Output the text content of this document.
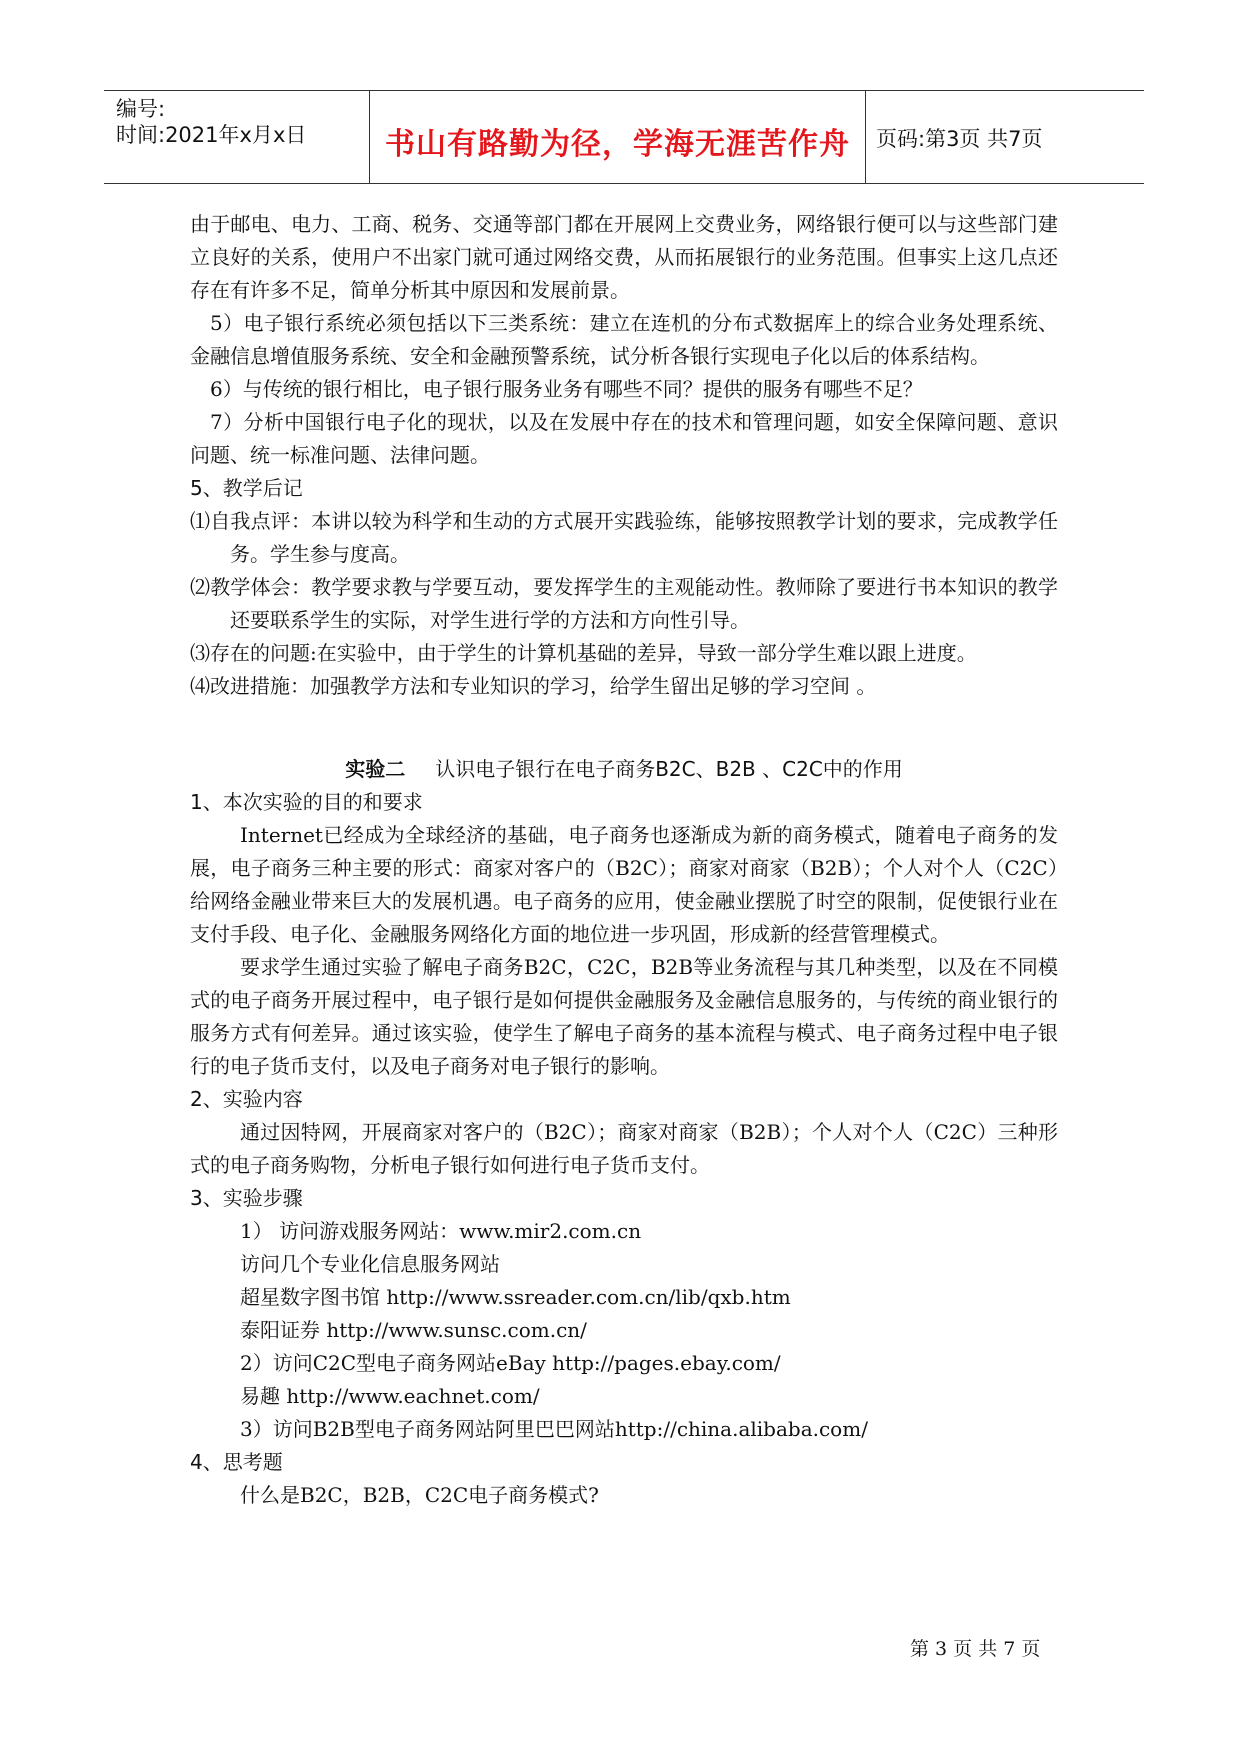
编号:
时间:2021年x月x日	书山有路勤为径，学海无涯苦作舟	页码:第3页 共7页

由于邮电、电力、工商、税务、交通等部门都在开展网上交费业务，网络银行便可以与这些部门建立良好的关系，使用户不出家门就可通过网络交费，从而拓展银行的业务范围。但事实上这几点还存在有许多不足，简单分析其中原因和发展前景。

5）电子银行系统必须包括以下三类系统：建立在连机的分布式数据库上的综合业务处理系统、金融信息增值服务系统、安全和金融预警系统，试分析各银行实现电子化以后的体系结构。

6）与传统的银行相比，电子银行服务业务有哪些不同？提供的服务有哪些不足？

7）分析中国银行电子化的现状，以及在发展中存在的技术和管理问题，如安全保障问题、意识问题、统一标准问题、法律问题。

5、教学后记

⑴自我点评：本讲以较为科学和生动的方式展开实践验练，能够按照教学计划的要求，完成教学任务。学生参与度高。

⑵教学体会：教学要求教与学要互动，要发挥学生的主观能动性。教师除了要进行书本知识的教学还要联系学生的实际，对学生进行学的方法和方向性引导。

⑶存在的问题:在实验中，由于学生的计算机基础的差异，导致一部分学生难以跟上进度。

⑷改进措施：加强教学方法和专业知识的学习，给学生留出足够的学习空间 。

实验二 认识电子银行在电子商务B2C、B2B 、C2C中的作用

1、本次实验的目的和要求

Internet已经成为全球经济的基础，电子商务也逐渐成为新的商务模式，随着电子商务的发展，电子商务三种主要的形式：商家对客户的（B2C）；商家对商家（B2B）；个人对个人（C2C）给网络金融业带来巨大的发展机遇。电子商务的应用，使金融业摆脱了时空的限制，促使银行业在支付手段、电子化、金融服务网络化方面的地位进一步巩固，形成新的经营管理模式。

要求学生通过实验了解电子商务B2C，C2C，B2B等业务流程与其几种类型，以及在不同模式的电子商务开展过程中，电子银行是如何提供金融服务及金融信息服务的，与传统的商业银行的服务方式有何差异。通过该实验，使学生了解电子商务的基本流程与模式、电子商务过程中电子银行的电子货币支付，以及电子商务对电子银行的影响。

2、实验内容

通过因特网，开展商家对客户的（B2C）；商家对商家（B2B）；个人对个人（C2C）三种形式的电子商务购物，分析电子银行如何进行电子货币支付。

3、实验步骤

1） 访问游戏服务网站：www.mir2.com.cn

访问几个专业化信息服务网站

超星数字图书馆 http://www.ssreader.com.cn/lib/qxb.htm

泰阳证券 http://www.sunsc.com.cn/

2）访问C2C型电子商务网站eBay http://pages.ebay.com/

易趣 http://www.eachnet.com/

3）访问B2B型电子商务网站阿里巴巴网站http://china.alibaba.com/

4、思考题

什么是B2C，B2B，C2C电子商务模式?

第 3 页 共 7 页
